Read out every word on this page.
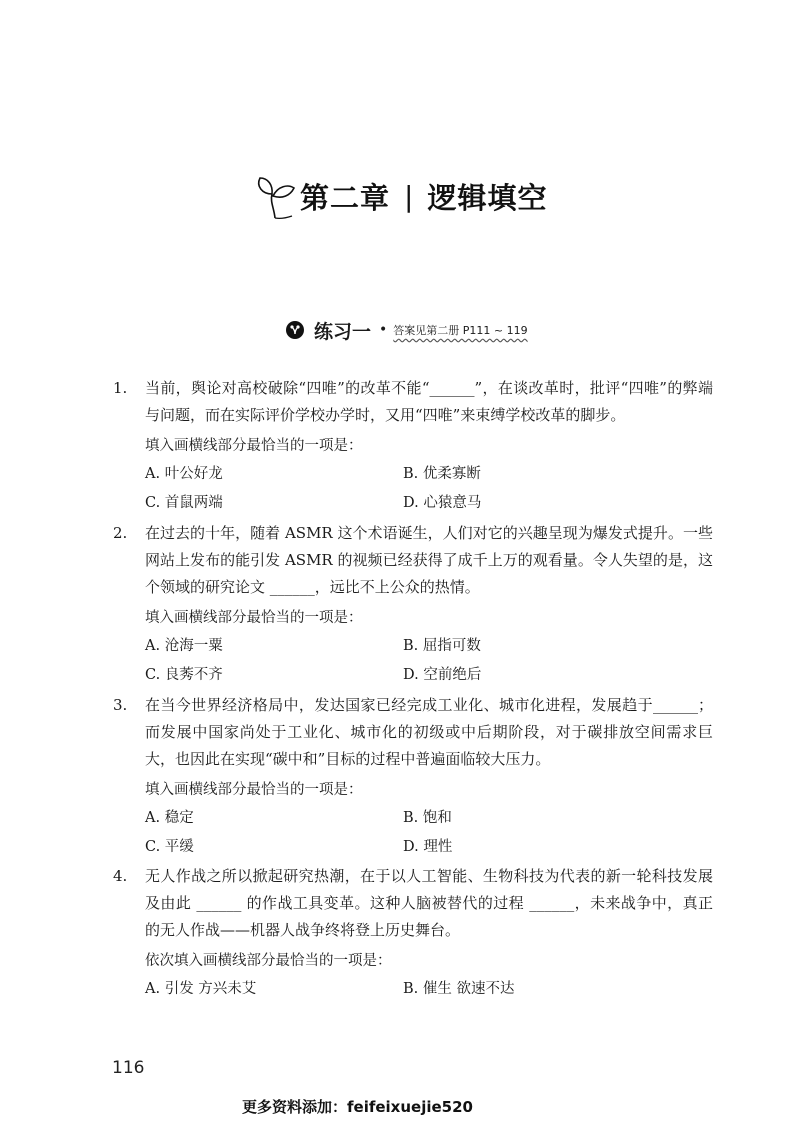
第二章 | 逻辑填空
练习一 • 答案见第二册 P111 ~ 119
1. 当前，舆论对高校破除“四唯”的改革不能“______”，在谈改革时，批评“四唯”的弊端与问题，而在实际评价学校办学时，又用“四唯”来束缚学校改革的脚步。

填入画横线部分最恰当的一项是：

A. 叶公好龙	B. 优柔寡断
C. 首鼠两端	D. 心猿意马
2. 在过去的十年，随着 ASMR 这个术语诞生，人们对它的兴趣呈现为爆发式提升。一些网站上发布的能引发 ASMR 的视频已经获得了成千上万的观看量。令人失望的是，这个领域的研究论文 ______，远比不上公众的热情。

填入画横线部分最恰当的一项是：

A. 沧海一粟	B. 屈指可数
C. 良莠不齐	D. 空前绝后
3. 在当今世界经济格局中，发达国家已经完成工业化、城市化进程，发展趋于______；而发展中国家尚处于工业化、城市化的初级或中后期阶段，对于碳排放空间需求巨大，也因此在实现“碳中和”目标的过程中普遍面临较大压力。

填入画横线部分最恰当的一项是：

A. 稳定	B. 饱和
C. 平缓	D. 理性
4. 无人作战之所以掀起研究热潮，在于以人工智能、生物科技为代表的新一轮科技发展及由此 ______ 的作战工具变革。这种人脑被替代的过程 ______，未来战争中，真正的无人作战——机器人战争终将登上历史舞台。

依次填入画横线部分最恰当的一项是：

A. 引发 方兴未艾	B. 催生 欲速不达
116
更多资料添加：feifeixuejie520
